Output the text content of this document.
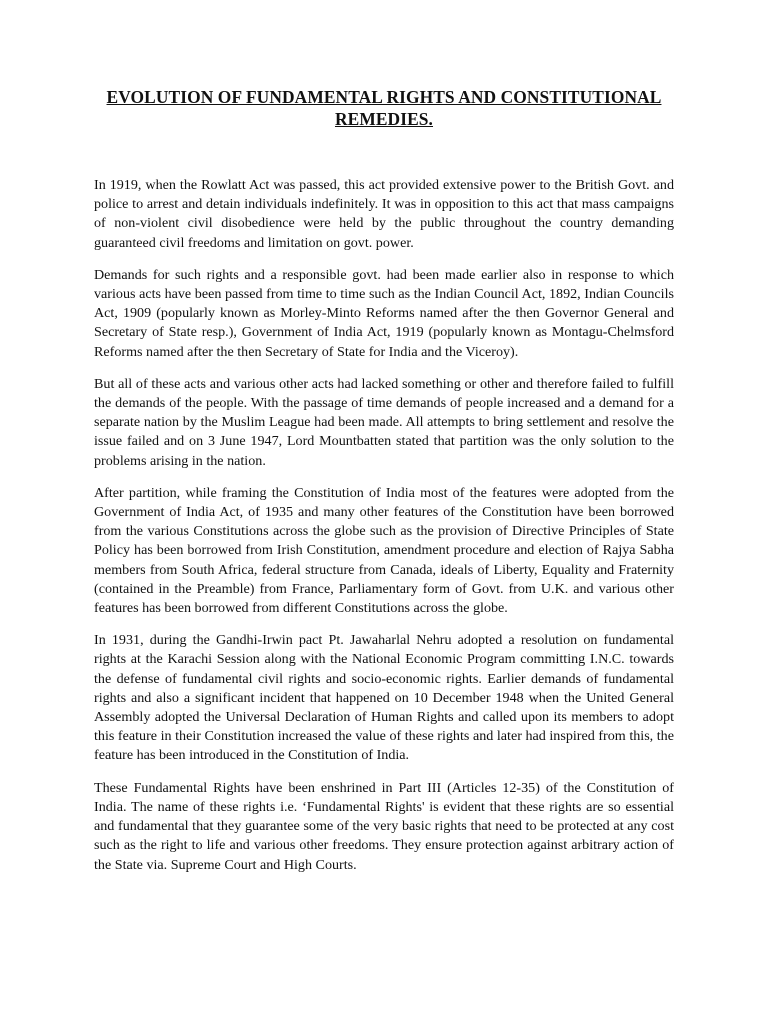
EVOLUTION OF FUNDAMENTAL RIGHTS AND CONSTITUTIONAL REMEDIES.

In 1919, when the Rowlatt Act was passed, this act provided extensive power to the British Govt. and police to arrest and detain individuals indefinitely. It was in opposition to this act that mass campaigns of non-violent civil disobedience were held by the public throughout the country demanding guaranteed civil freedoms and limitation on govt. power.

Demands for such rights and a responsible govt. had been made earlier also in response to which various acts have been passed from time to time such as the Indian Council Act, 1892, Indian Councils Act, 1909 (popularly known as Morley-Minto Reforms named after the then Governor General and Secretary of State resp.), Government of India Act, 1919 (popularly known as Montagu-Chelmsford Reforms named after the then Secretary of State for India and the Viceroy).

But all of these acts and various other acts had lacked something or other and therefore failed to fulfill the demands of the people. With the passage of time demands of people increased and a demand for a separate nation by the Muslim League had been made. All attempts to bring settlement and resolve the issue failed and on 3 June 1947, Lord Mountbatten stated that partition was the only solution to the problems arising in the nation.

After partition, while framing the Constitution of India most of the features were adopted from the Government of India Act, of 1935 and many other features of the Constitution have been borrowed from the various Constitutions across the globe such as the provision of Directive Principles of State Policy has been borrowed from Irish Constitution, amendment procedure and election of Rajya Sabha members from South Africa, federal structure from Canada, ideals of Liberty, Equality and Fraternity (contained in the Preamble) from France, Parliamentary form of Govt. from U.K. and various other features has been borrowed from different Constitutions across the globe.

In 1931, during the Gandhi-Irwin pact Pt. Jawaharlal Nehru adopted a resolution on fundamental rights at the Karachi Session along with the National Economic Program committing I.N.C. towards the defense of fundamental civil rights and socio-economic rights. Earlier demands of fundamental rights and also a significant incident that happened on 10 December 1948 when the United General Assembly adopted the Universal Declaration of Human Rights and called upon its members to adopt this feature in their Constitution increased the value of these rights and later had inspired from this, the feature has been introduced in the Constitution of India.

These Fundamental Rights have been enshrined in Part III (Articles 12-35) of the Constitution of India. The name of these rights i.e. ‘Fundamental Rights' is evident that these rights are so essential and fundamental that they guarantee some of the very basic rights that need to be protected at any cost such as the right to life and various other freedoms. They ensure protection against arbitrary action of the State via. Supreme Court and High Courts.
